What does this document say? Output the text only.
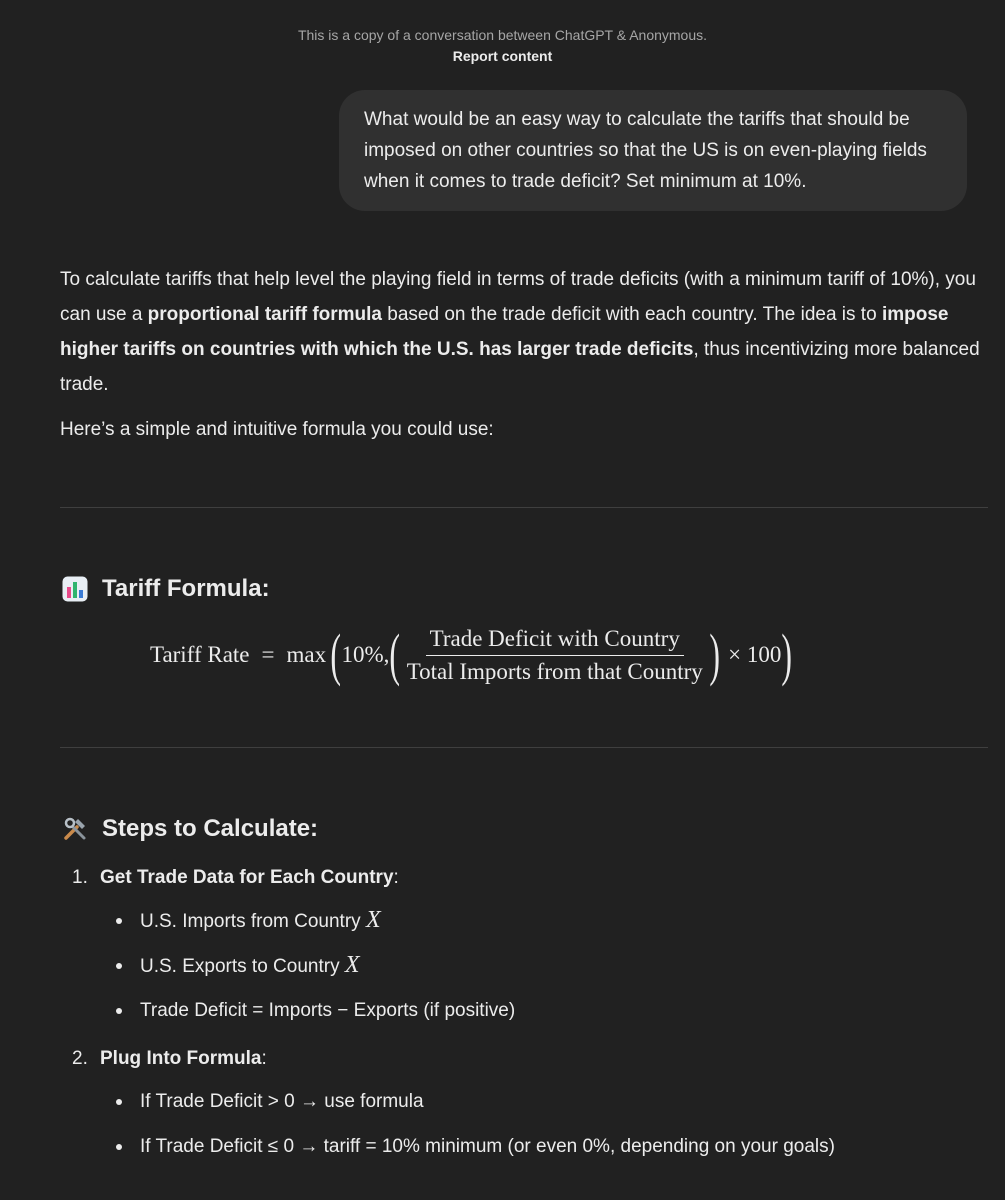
This is a copy of a conversation between ChatGPT & Anonymous.
Report content
What would be an easy way to calculate the tariffs that should be
imposed on other countries so that the US is on even-playing fields
when it comes to trade deficit? Set minimum at 10%.

To calculate tariffs that help level the playing field in terms of trade deficits (with a minimum tariff of 10%), you can use a proportional tariff formula based on the trade deficit with each country. The idea is to impose higher tariffs on countries with which the U.S. has larger trade deficits, thus incentivizing more balanced trade.

Here’s a simple and intuitive formula you could use:

Tariff Formula:
Tariff Rate = max ( 10%, ( $\frac{\text{Trade Deficit with Country}}{\text{Total Imports from that Country}}$ ) × 100 )
Steps to Calculate:
1. Get Trade Data for Each Country :
U.S. Imports from Country X
U.S. Exports to Country X
Trade Deficit = Imports − Exports (if positive)
2. Plug Into Formula :
If Trade Deficit > 0 → use formula
If Trade Deficit ≤ 0 → tariff = 10% minimum (or even 0%, depending on your goals)
